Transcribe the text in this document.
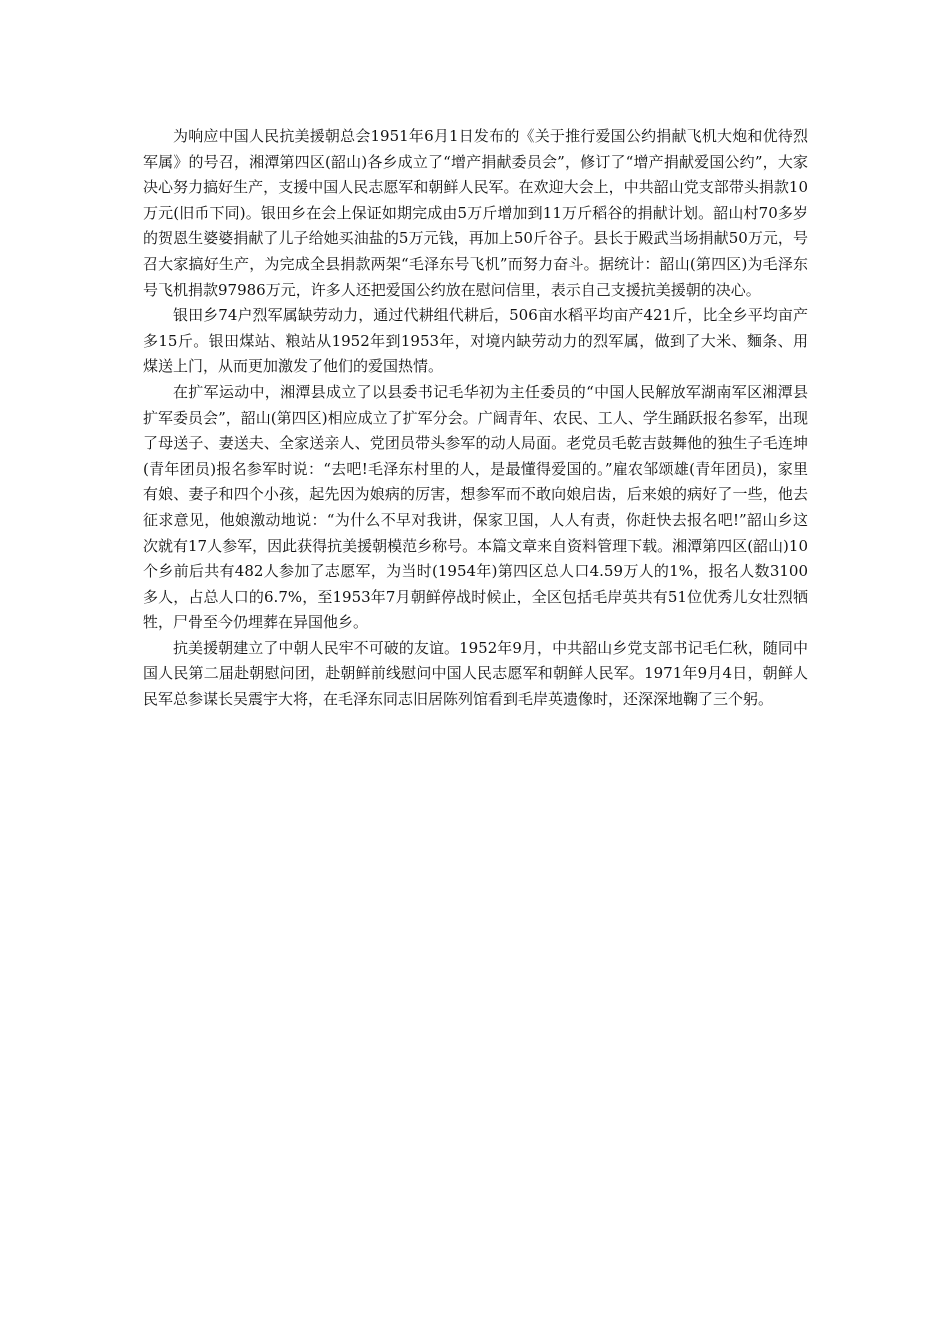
为响应中国人民抗美援朝总会1951年6月1日发布的《关于推行爱国公约捐献飞机大炮和优待烈军属》的号召，湘潭第四区(韶山)各乡成立了“增产捐献委员会”，修订了“增产捐献爱国公约”，大家决心努力搞好生产，支援中国人民志愿军和朝鲜人民军。在欢迎大会上，中共韶山党支部带头捐款10万元(旧币下同)。银田乡在会上保证如期完成由5万斤增加到11万斤稻谷的捐献计划。韶山村70多岁的贺恩生婆婆捐献了儿子给她买油盐的5万元钱，再加上50斤谷子。县长于殿武当场捐献50万元，号召大家搞好生产，为完成全县捐款两架“毛泽东号飞机”而努力奋斗。据统计：韶山(第四区)为毛泽东号飞机捐款97986万元，许多人还把爱国公约放在慰问信里，表示自己支援抗美援朝的决心。

银田乡74户烈军属缺劳动力，通过代耕组代耕后，506亩水稻平均亩产421斤，比全乡平均亩产多15斤。银田煤站、粮站从1952年到1953年，对境内缺劳动力的烈军属，做到了大米、麵条、用煤送上门，从而更加激发了他们的爱国热情。

在扩军运动中，湘潭县成立了以县委书记毛华初为主任委员的“中国人民解放军湖南军区湘潭县扩军委员会”，韶山(第四区)相应成立了扩军分会。广阔青年、农民、工人、学生踊跃报名参军，出现了母送子、妻送夫、全家送亲人、党团员带头参军的动人局面。老党员毛乾吉鼓舞他的独生子毛连坤(青年团员)报名参军时说：“去吧!毛泽东村里的人，是最懂得爱国的。”雇农邹颂雄(青年团员)，家里有娘、妻子和四个小孩，起先因为娘病的厉害，想参军而不敢向娘启齿，后来娘的病好了一些，他去征求意见，他娘激动地说：“为什么不早对我讲，保家卫国，人人有责，你赶快去报名吧!”韶山乡这次就有17人参军，因此获得抗美援朝模范乡称号。本篇文章来自资料管理下载。湘潭第四区(韶山)10个乡前后共有482人参加了志愿军，为当时(1954年)第四区总人口4.59万人的1%，报名人数3100多人，占总人口的6.7%，至1953年7月朝鲜停战时候止，全区包括毛岸英共有51位优秀儿女壮烈牺牲，尸骨至今仍埋葬在异国他乡。

抗美援朝建立了中朝人民牢不可破的友谊。1952年9月，中共韶山乡党支部书记毛仁秋，随同中国人民第二届赴朝慰问团，赴朝鲜前线慰问中国人民志愿军和朝鲜人民军。1971年9月4日，朝鲜人民军总参谋长吴震宇大将，在毛泽东同志旧居陈列馆看到毛岸英遗像时，还深深地鞠了三个躬。
